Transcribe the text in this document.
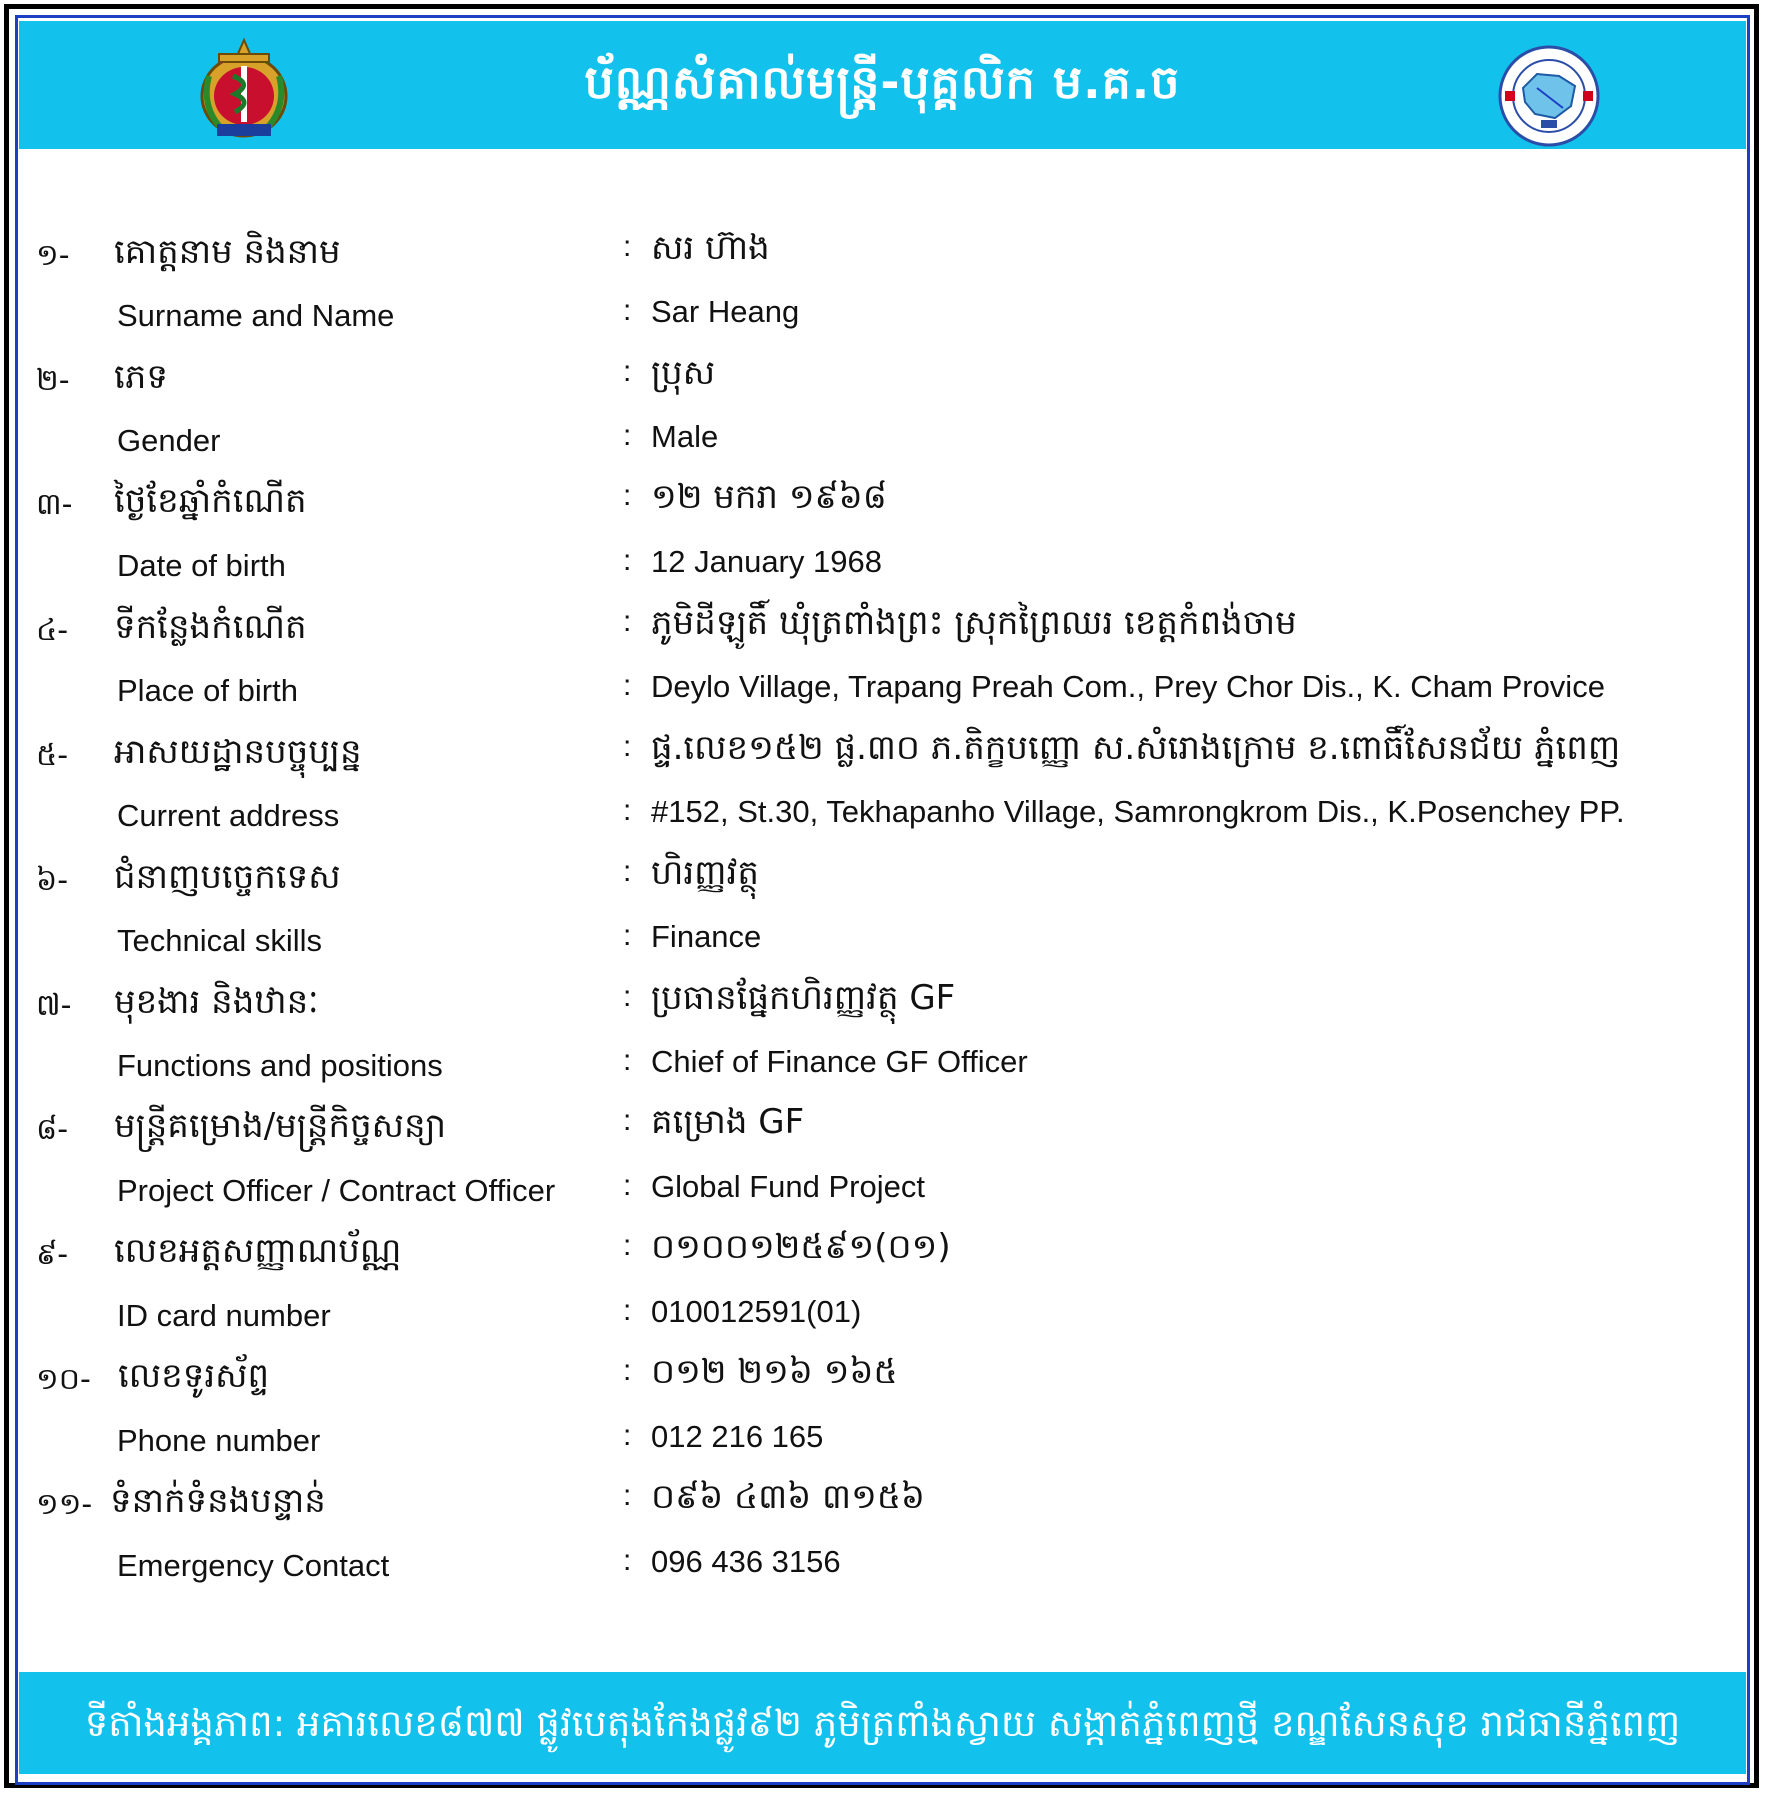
ប័ណ្ណសំគាល់មន្ត្រី-បុគ្គលិក ម.គ.ច
១- គោត្តនាម និងនាម	: សរ ហ៊ាង
Surname and Name	: Sar Heang
២- ភេទ	: ប្រុស
Gender	: Male
៣- ថ្ងៃខែឆ្នាំកំណើត	: ១២ មករា ១៩៦៨
Date of birth	: 12 January 1968
៤- ទីកន្លែងកំណើត	: ភូមិដីឡូតិ៍ ឃុំត្រពាំងព្រះ ស្រុកព្រៃឈរ ខេត្តកំពង់ចាម
Place of birth	: Deylo Village, Trapang Preah Com., Prey Chor Dis., K. Cham Provice
៥- អាសយដ្ឋានបច្ចុប្បន្ន	: ផ្ទ.លេខ១៥២ ផ្ល.៣០ ភ.តិក្ខបញ្ញោ ស.សំរោងក្រោម ខ.ពោធិ៍សែនជ័យ ភ្នំពេញ
Current address	: #152, St.30, Tekhapanho Village, Samrongkrom Dis., K.Posenchey PP.
៦- ជំនាញបច្ចេកទេស	: ហិរញ្ញវត្ថុ
Technical skills	: Finance
៧- មុខងារ និងឋានៈ	: ប្រធានផ្នែកហិរញ្ញវត្ថុ GF
Functions and positions	: Chief of Finance GF Officer
៨- មន្ត្រីគម្រោង/មន្ត្រីកិច្ចសន្យា	: គម្រោង GF
Project Officer / Contract Officer : Global Fund Project
៩- លេខអត្តសញ្ញាណប័ណ្ណ	: ០១០០១២៥៩១(០១)
ID card number	: 010012591(01)
១០- លេខទូរស័ព្ទ	: ០១២ ២១៦ ១៦៥
Phone number	: 012 216 165
១១- ទំនាក់ទំនងបន្ទាន់	: ០៩៦ ៤៣៦ ៣១៥៦
Emergency Contact	: 096 436 3156
ទីតាំងអង្គភាព: អគារលេខ៨៧៧ ផ្លូវបេតុងកែងផ្លូវ៩២ ភូមិត្រពាំងស្វាយ សង្កាត់ភ្នំពេញថ្មី ខណ្ឌសែនសុខ រាជធានីភ្នំពេញ
